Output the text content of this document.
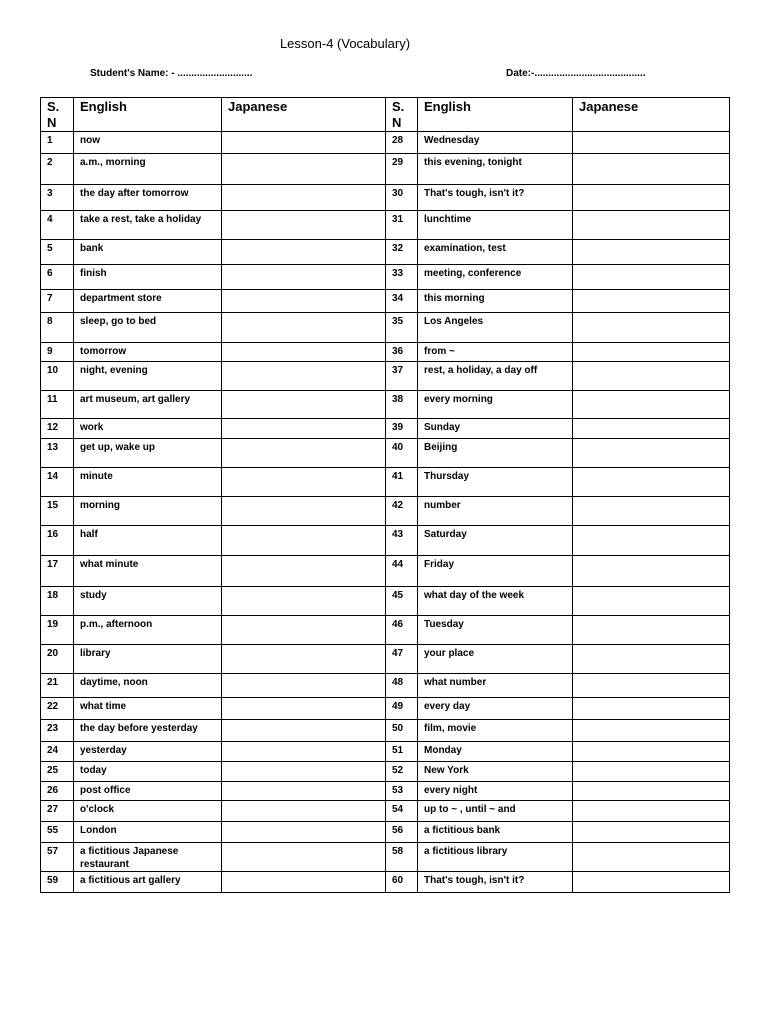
Lesson-4 (Vocabulary)
Student's Name: - ...........................	Date:-........................................
S. N	English	Japanese	S. N	English	Japanese
1	now		28	Wednesday	
2	a.m., morning		29	this evening, tonight	
3	the day after tomorrow		30	That's tough, isn't it?	
4	take a rest, take a holiday		31	lunchtime	
5	bank		32	examination, test	
6	finish		33	meeting, conference	
7	department store		34	this morning	
8	sleep, go to bed		35	Los Angeles	
9	tomorrow		36	from ~	
10	night, evening		37	rest, a holiday, a day off	
11	art museum, art gallery		38	every morning	
12	work		39	Sunday	
13	get up, wake up		40	Beijing	
14	minute		41	Thursday	
15	morning		42	number	
16	half		43	Saturday	
17	what minute		44	Friday	
18	study		45	what day of the week	
19	p.m., afternoon		46	Tuesday	
20	library		47	your place	
21	daytime, noon		48	what number	
22	what time		49	every day	
23	the day before yesterday		50	film, movie	
24	yesterday		51	Monday	
25	today		52	New York	
26	post office		53	every night	
27	o'clock		54	up to ~ , until ~ and	
55	London		56	a fictitious bank	
57	a fictitious Japanese restaurant		58	a fictitious library	
59	a fictitious art gallery		60	That's tough, isn't it?	
